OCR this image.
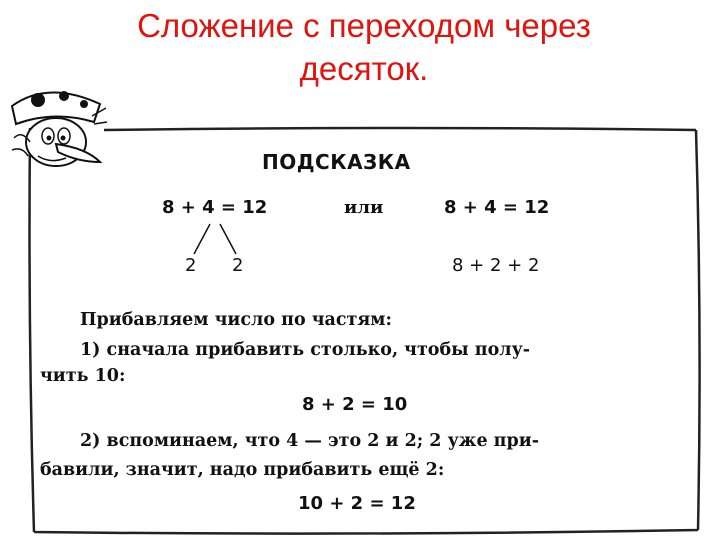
Сложение с переходом через
десяток.
ПОДСКАЗКА
8 + 4 = 12	или	8 + 4 = 12
2 2	8 + 2 + 2
Прибавляем число по частям:
1) сначала прибавить столько, чтобы полу-
чить 10:
8 + 2 = 10
2) вспоминаем, что 4 — это 2 и 2; 2 уже при-
бавили, значит, надо прибавить ещё 2:
10 + 2 = 12
